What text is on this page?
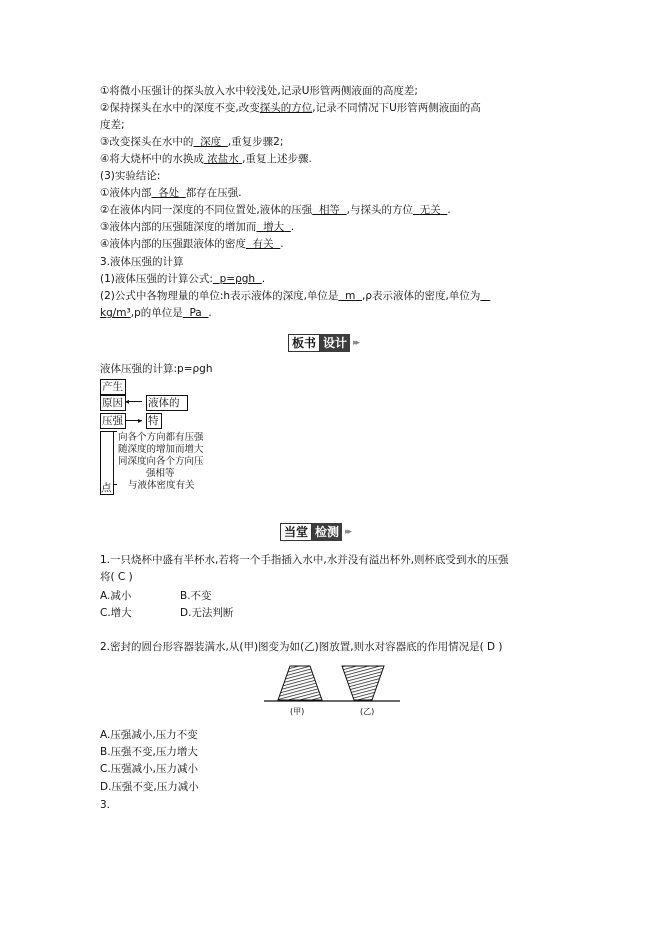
①将微小压强计的探头放入水中较浅处,记录U形管两侧液面的高度差;
②保持探头在水中的深度不变,改变探头的方位,记录不同情况下U形管两侧液面的高
度差;
③改变探头在水中的 深度 ,重复步骤2;
④将大烧杯中的水换成 浓盐水 ,重复上述步骤.
(3)实验结论:
①液体内部 各处 都存在压强.
②在液体内同一深度的不同位置处,液体的压强 相等 ,与探头的方位 无关 .
③液体内部的压强随深度的增加而 增大 .
④液体内部的压强跟液体的密度 有关 .
3.液体压强的计算
(1)液体压强的计算公式: p=ρgh .
(2)公式中各物理量的单位:h表示液体的深度,单位是 m ,ρ表示液体的密度,单位为
kg/m³,p的单位是 Pa .
板书 设计 ▸▸
液体压强的计算:p=ρgh
产生
原因 ◂ 液体的
压强	▸ 特
点
向各个方向都有压强
随深度的增加而增大
同深度向各个方向压
强相等
与液体密度有关
当堂 检测 ▸▸
1.一只烧杯中盛有半杯水,若将一个手指插入水中,水并没有溢出杯外,则杯底受到水的压强
将( C )
A.减小	B.不变
C.增大	D.无法判断
2.密封的圆台形容器装满水,从(甲)图变为如(乙)图放置,则水对容器底的作用情况是( D )
(甲)	(乙)
A.压强减小,压力不变
B.压强不变,压力增大
C.压强减小,压力减小
D.压强不变,压力减小
3.
